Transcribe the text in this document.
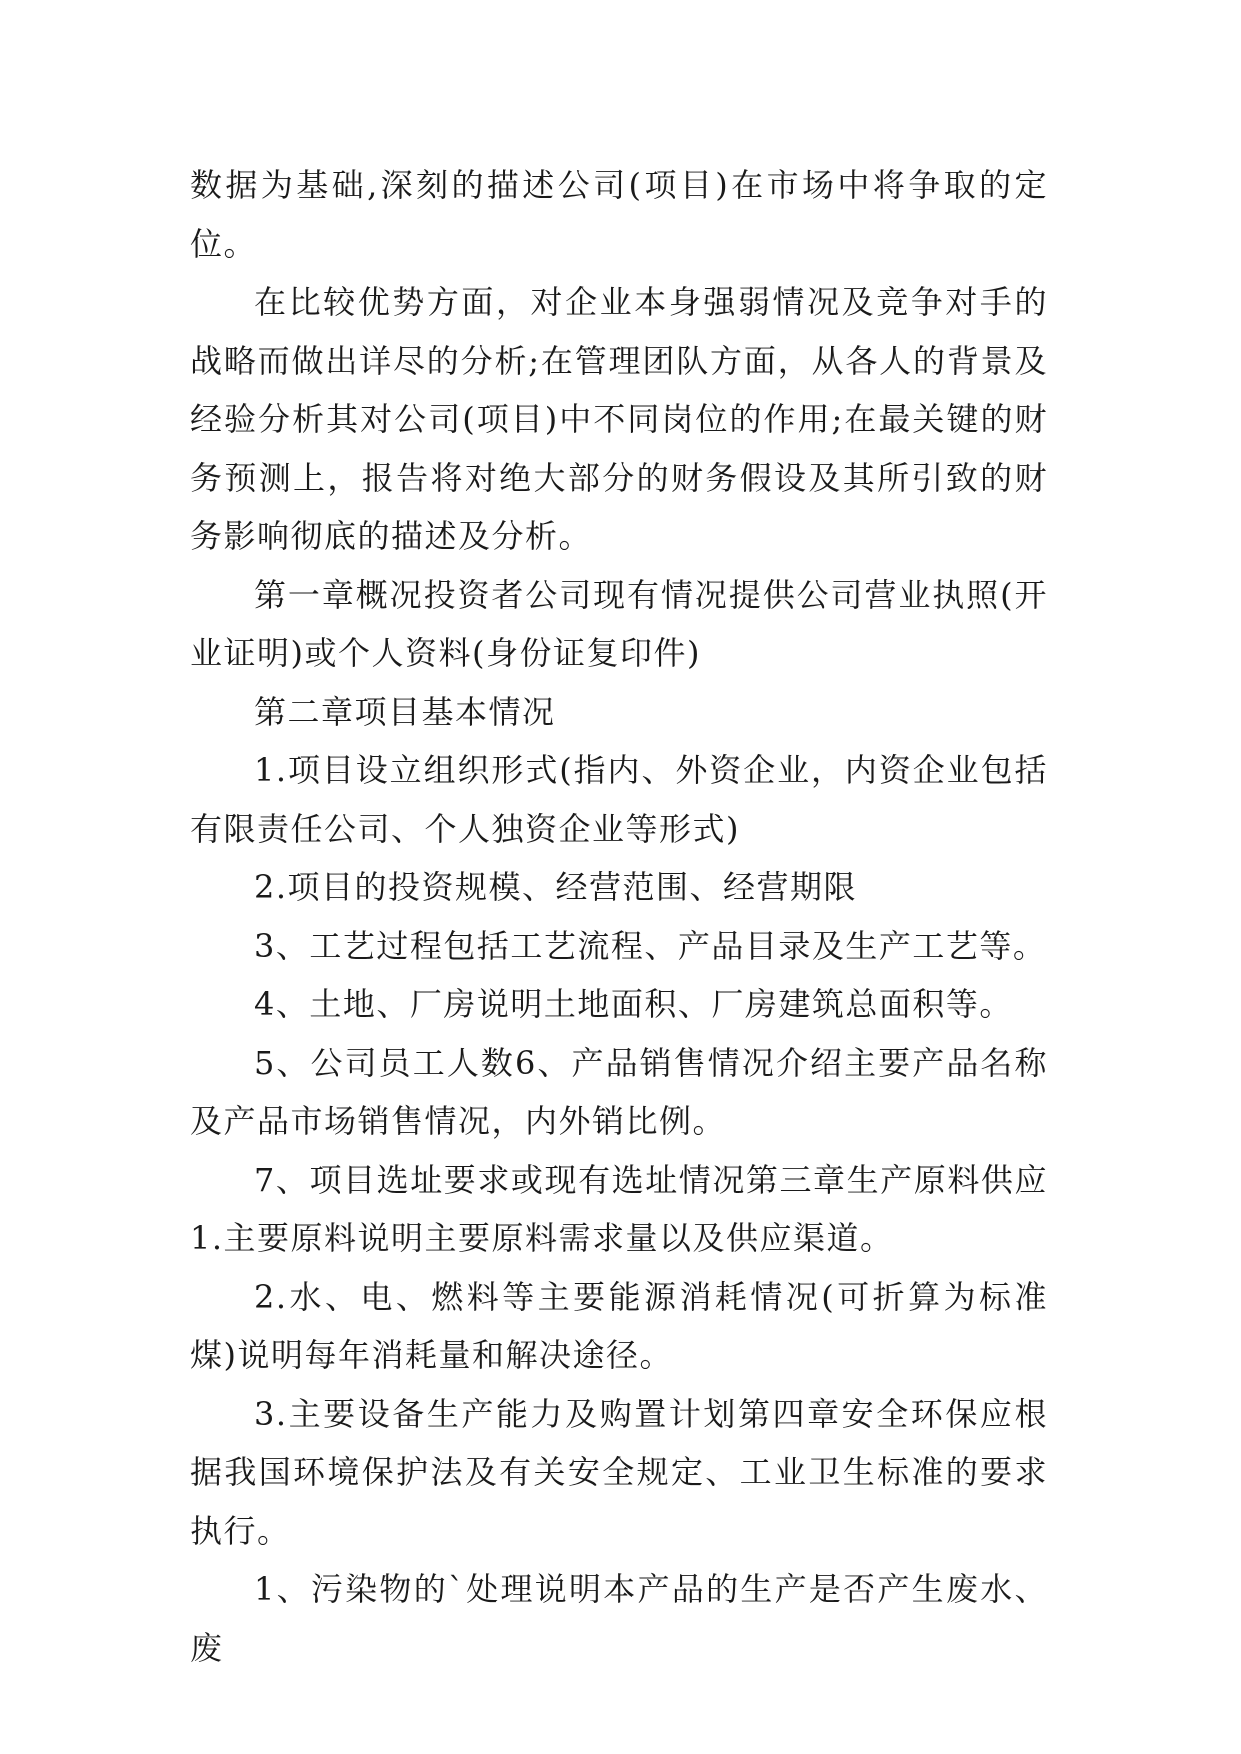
数据为基础,深刻的描述公司(项目)在市场中将争取的定位。

在比较优势方面，对企业本身强弱情况及竞争对手的战略而做出详尽的分析;在管理团队方面，从各人的背景及经验分析其对公司(项目)中不同岗位的作用;在最关键的财务预测上，报告将对绝大部分的财务假设及其所引致的财务影响彻底的描述及分析。

第一章概况投资者公司现有情况提供公司营业执照(开业证明)或个人资料(身份证复印件)

第二章项目基本情况

1.项目设立组织形式(指内、外资企业，内资企业包括有限责任公司、个人独资企业等形式)

2.项目的投资规模、经营范围、经营期限

3、工艺过程包括工艺流程、产品目录及生产工艺等。

4、土地、厂房说明土地面积、厂房建筑总面积等。

5、公司员工人数6、产品销售情况介绍主要产品名称及产品市场销售情况，内外销比例。

7、项目选址要求或现有选址情况第三章生产原料供应1.主要原料说明主要原料需求量以及供应渠道。

2.水、电、燃料等主要能源消耗情况(可折算为标准煤)说明每年消耗量和解决途径。

3.主要设备生产能力及购置计划第四章安全环保应根据我国环境保护法及有关安全规定、工业卫生标准的要求执行。

1、污染物的`处理说明本产品的生产是否产生废水、废
